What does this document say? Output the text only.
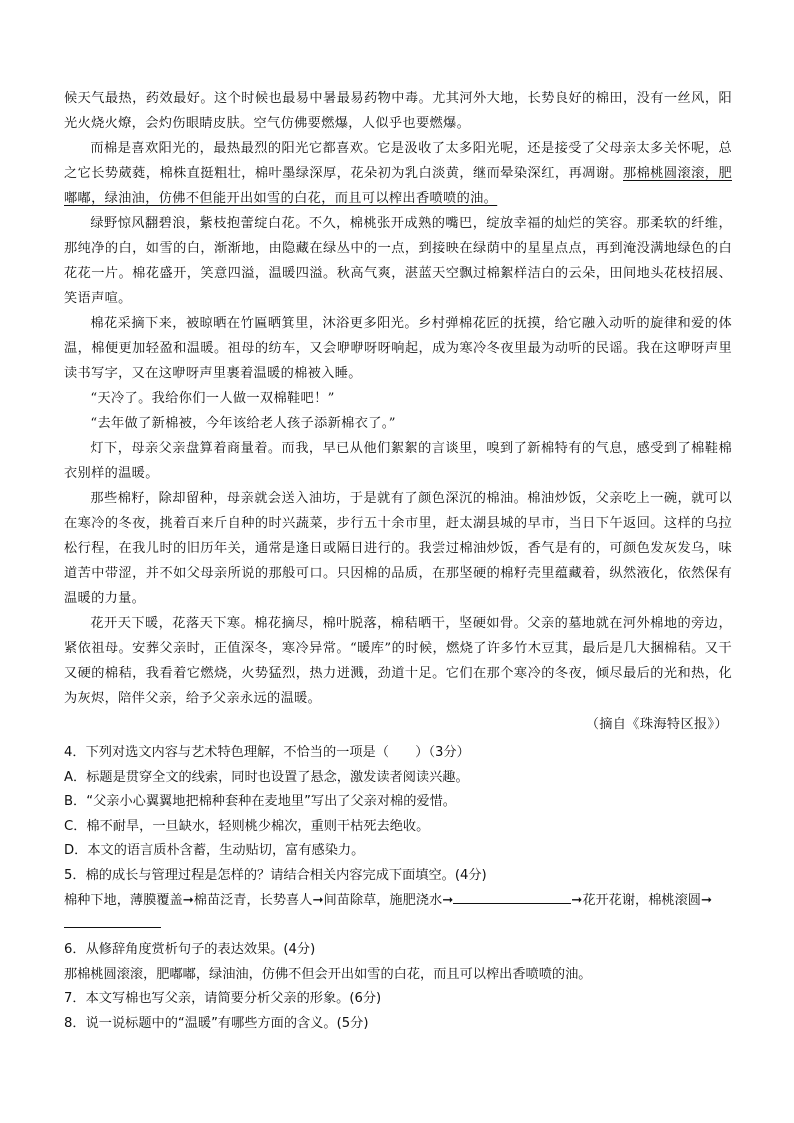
候天气最热，药效最好。这个时候也最易中暑最易药物中毒。尤其河外大地，长势良好的棉田，没有一丝风，阳光火烧火燎，会灼伤眼睛皮肤。空气仿佛要燃爆，人似乎也要燃爆。

而棉是喜欢阳光的，最热最烈的阳光它都喜欢。它是汲收了太多阳光呢，还是接受了父母亲太多关怀呢，总之它长势葳蕤，棉株直挺粗壮，棉叶墨绿深厚，花朵初为乳白淡黄，继而晕染深红，再凋谢。那棉桃圆滚滚，肥嘟嘟，绿油油，仿佛不但能开出如雪的白花，而且可以榨出香喷喷的油。

绿野惊风翻碧浪，紫枝抱蕾绽白花。不久，棉桃张开成熟的嘴巴，绽放幸福的灿烂的笑容。那柔软的纤维，那纯净的白，如雪的白，渐渐地，由隐藏在绿丛中的一点，到接映在绿荫中的星星点点，再到淹没满地绿色的白花花一片。棉花盛开，笑意四溢，温暖四溢。秋高气爽，湛蓝天空飘过棉絮样洁白的云朵，田间地头花枝招展、笑语声喧。

棉花采摘下来，被晾晒在竹匾晒箕里，沐浴更多阳光。乡村弹棉花匠的抚摸，给它融入动听的旋律和爱的体温，棉便更加轻盈和温暖。祖母的纺车，又会咿咿呀呀响起，成为寒冷冬夜里最为动听的民谣。我在这咿呀声里读书写字，又在这咿呀声里裹着温暖的棉被入睡。

“天冷了。我给你们一人做一双棉鞋吧！”

“去年做了新棉被，今年该给老人孩子添新棉衣了。”

灯下，母亲父亲盘算着商量着。而我，早已从他们絮絮的言谈里，嗅到了新棉特有的气息，感受到了棉鞋棉衣别样的温暖。

那些棉籽，除却留种，母亲就会送入油坊，于是就有了颜色深沉的棉油。棉油炒饭，父亲吃上一碗，就可以在寒冷的冬夜，挑着百来斤自种的时兴蔬菜，步行五十余市里，赶太湖县城的早市，当日下午返回。这样的乌拉松行程，在我儿时的旧历年关，通常是逢日或隔日进行的。我尝过棉油炒饭，香气是有的，可颜色发灰发乌，味道苦中带涩，并不如父母亲所说的那般可口。只因棉的品质，在那坚硬的棉籽壳里蕴藏着，纵然液化，依然保有温暖的力量。

花开天下暖，花落天下寒。棉花摘尽，棉叶脱落，棉秸晒干，坚硬如骨。父亲的墓地就在河外棉地的旁边，紧依祖母。安葬父亲时，正值深冬，寒冷异常。“暖库”的时候，燃烧了许多竹木豆萁，最后是几大捆棉秸。又干又硬的棉秸，我看着它燃烧，火势猛烈，热力迸溅，劲道十足。它们在那个寒冷的冬夜，倾尽最后的光和热，化为灰烬，陪伴父亲，给予父亲永远的温暖。

（摘自《珠海特区报》）
4．下列对选文内容与艺术特色理解，不恰当的一项是（　　）（3分）
A．标题是贯穿全文的线索，同时也设置了悬念，激发读者阅读兴趣。
B．“父亲小心翼翼地把棉种套种在麦地里”写出了父亲对棉的爱惜。
C．棉不耐旱，一旦缺水，轻则桃少棉次，重则干枯死去绝收。
D．本文的语言质朴含蓄，生动贴切，富有感染力。
5．棉的成长与管理过程是怎样的？请结合相关内容完成下面填空。(4分)
棉种下地，薄膜覆盖➞棉苗泛青，长势喜人➞间苗除草，施肥浇水➞	➞花开花谢，棉桃滚圆➞
6．从修辞角度赏析句子的表达效果。(4分)
那棉桃圆滚滚，肥嘟嘟，绿油油，仿佛不但会开出如雪的白花，而且可以榨出香喷喷的油。
7．本文写棉也写父亲，请简要分析父亲的形象。(6分)
8．说一说标题中的“温暖”有哪些方面的含义。(5分)
